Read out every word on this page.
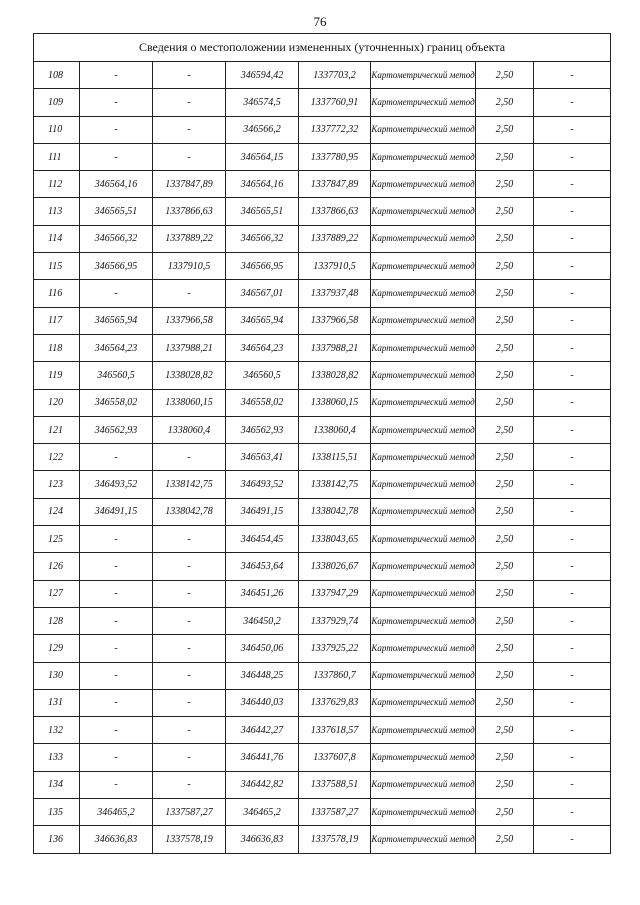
76
Сведения о местоположении измененных (уточненных) границ объекта							
108	-	-	346594,42	1337703,2	Картометрический метод	2,50	-
109	-	-	346574,5	1337760,91	Картометрический метод	2,50	-
110	-	-	346566,2	1337772,32	Картометрический метод	2,50	-
111	-	-	346564,15	1337780,95	Картометрический метод	2,50	-
112	346564,16	1337847,89	346564,16	1337847,89	Картометрический метод	2,50	-
113	346565,51	1337866,63	346565,51	1337866,63	Картометрический метод	2,50	-
114	346566,32	1337889,22	346566,32	1337889,22	Картометрический метод	2,50	-
115	346566,95	1337910,5	346566,95	1337910,5	Картометрический метод	2,50	-
116	-	-	346567,01	1337937,48	Картометрический метод	2,50	-
117	346565,94	1337966,58	346565,94	1337966,58	Картометрический метод	2,50	-
118	346564,23	1337988,21	346564,23	1337988,21	Картометрический метод	2,50	-
119	346560,5	1338028,82	346560,5	1338028,82	Картометрический метод	2,50	-
120	346558,02	1338060,15	346558,02	1338060,15	Картометрический метод	2,50	-
121	346562,93	1338060,4	346562,93	1338060,4	Картометрический метод	2,50	-
122	-	-	346563,41	1338115,51	Картометрический метод	2,50	-
123	346493,52	1338142,75	346493,52	1338142,75	Картометрический метод	2,50	-
124	346491,15	1338042,78	346491,15	1338042,78	Картометрический метод	2,50	-
125	-	-	346454,45	1338043,65	Картометрический метод	2,50	-
126	-	-	346453,64	1338026,67	Картометрический метод	2,50	-
127	-	-	346451,26	1337947,29	Картометрический метод	2,50	-
128	-	-	346450,2	1337929,74	Картометрический метод	2,50	-
129	-	-	346450,06	1337925,22	Картометрический метод	2,50	-
130	-	-	346448,25	1337860,7	Картометрический метод	2,50	-
131	-	-	346440,03	1337629,83	Картометрический метод	2,50	-
132	-	-	346442,27	1337618,57	Картометрический метод	2,50	-
133	-	-	346441,76	1337607,8	Картометрический метод	2,50	-
134	-	-	346442,82	1337588,51	Картометрический метод	2,50	-
135	346465,2	1337587,27	346465,2	1337587,27	Картометрический метод	2,50	-
136	346636,83	1337578,19	346636,83	1337578,19	Картометрический метод	2,50	-
